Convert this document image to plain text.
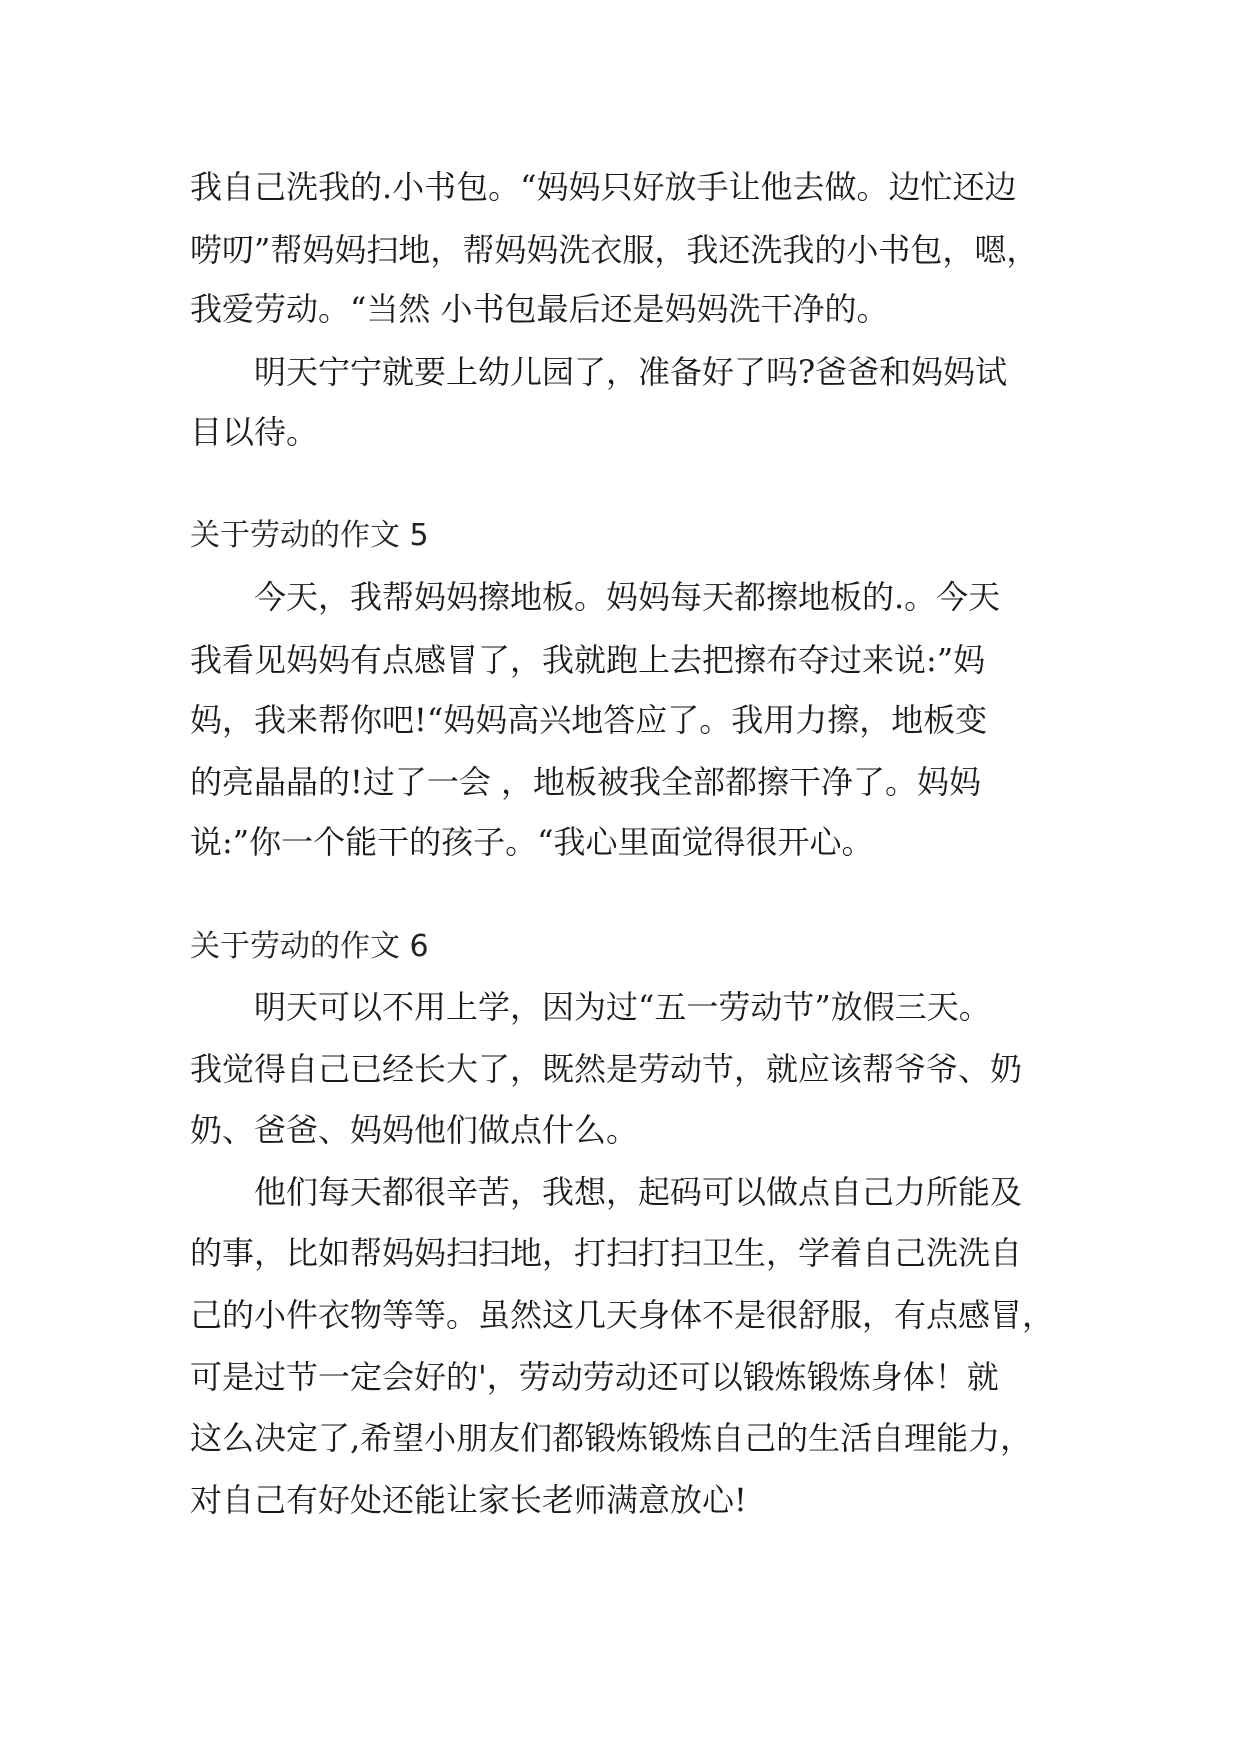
我自己洗我的.小书包。“妈妈只好放手让他去做。边忙还边
唠叨”帮妈妈扫地，帮妈妈洗衣服，我还洗我的小书包，嗯，
我爱劳动。“当然 小书包最后还是妈妈洗干净的。
明天宁宁就要上幼儿园了，准备好了吗?爸爸和妈妈试
目以待。
关于劳动的作文 5
今天，我帮妈妈擦地板。妈妈每天都擦地板的.。今天
我看见妈妈有点感冒了，我就跑上去把擦布夺过来说:”妈
妈，我来帮你吧!“妈妈高兴地答应了。我用力擦，地板变
的亮晶晶的!过了一会 ，地板被我全部都擦干净了。妈妈
说:”你一个能干的孩子。“我心里面觉得很开心。
关于劳动的作文 6
明天可以不用上学，因为过“五一劳动节”放假三天。
我觉得自己已经长大了，既然是劳动节，就应该帮爷爷、奶
奶、爸爸、妈妈他们做点什么。
他们每天都很辛苦，我想，起码可以做点自己力所能及
的事，比如帮妈妈扫扫地，打扫打扫卫生，学着自己洗洗自
己的小件衣物等等。虽然这几天身体不是很舒服，有点感冒，
可是过节一定会好的'，劳动劳动还可以锻炼锻炼身体！就
这么决定了,希望小朋友们都锻炼锻炼自己的生活自理能力，
对自己有好处还能让家长老师满意放心!
